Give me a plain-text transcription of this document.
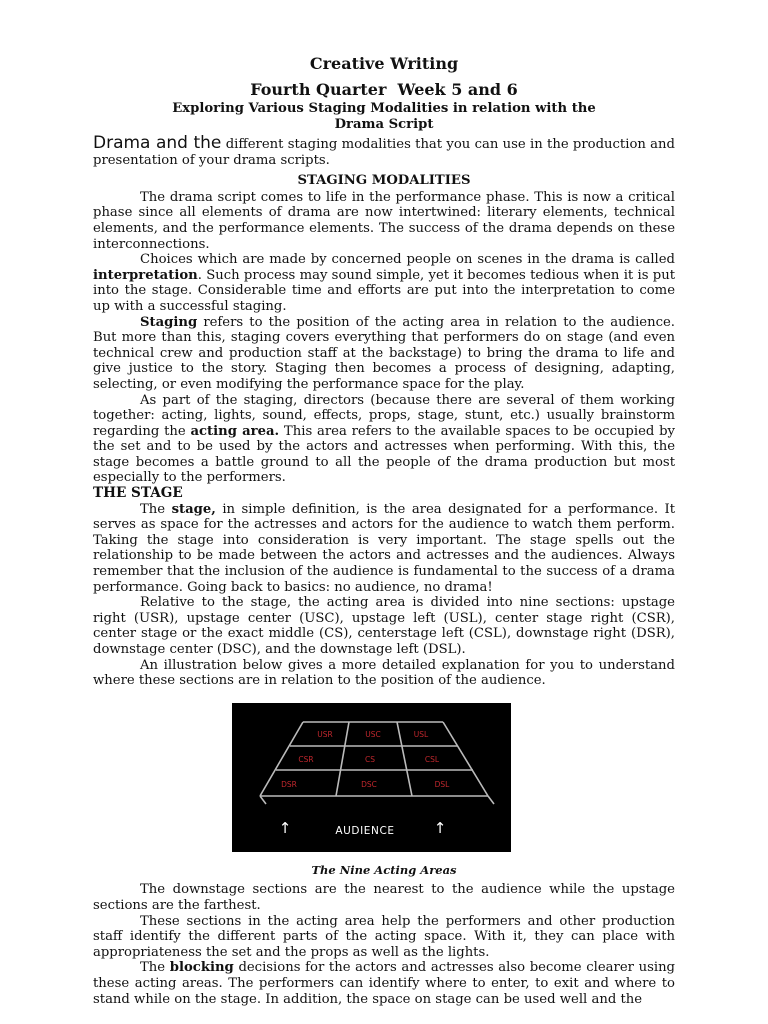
Creative Writing
Fourth Quarter  Week 5 and 6
Exploring Various Staging Modalities in relation with the
Drama Script

Drama and the different staging modalities that you can use in the production and presentation of your drama scripts.

STAGING MODALITIES

The drama script comes to life in the performance phase. This is now a critical phase since all elements of drama are now intertwined: literary elements, technical elements, and the performance elements. The success of the drama depends on these interconnections.

Choices which are made by concerned people on scenes in the drama is called interpretation. Such process may sound simple, yet it becomes tedious when it is put into the stage. Considerable time and efforts are put into the interpretation to come up with a successful staging.

Staging refers to the position of the acting area in relation to the audience. But more than this, staging covers everything that performers do on stage (and even technical crew and production staff at the backstage) to bring the drama to life and give justice to the story. Staging then becomes a process of designing, adapting, selecting, or even modifying the performance space for the play.

As part of the staging, directors (because there are several of them working together: acting, lights, sound, effects, props, stage, stunt, etc.) usually brainstorm regarding the acting area. This area refers to the available spaces to be occupied by the set and to be used by the actors and actresses when performing. With this, the stage becomes a battle ground to all the people of the drama production but most especially to the performers.

THE STAGE

The stage, in simple definition, is the area designated for a performance. It serves as space for the actresses and actors for the audience to watch them perform. Taking the stage into consideration is very important. The stage spells out the relationship to be made between the actors and actresses and the audiences. Always remember that the inclusion of the audience is fundamental to the success of a drama performance. Going back to basics: no audience, no drama!

Relative to the stage, the acting area is divided into nine sections: upstage right (USR), upstage center (USC), upstage left (USL), center stage right (CSR), center stage or the exact middle (CS), centerstage left (CSL), downstage right (DSR), downstage center (DSC), and the downstage left (DSL).

An illustration below gives a more detailed explanation for you to understand where these sections are in relation to the position of the audience.

USR	USC	USL
CSR	CS	CSL
DSR	DSC	DSL
↑	AUDIENCE	↑
The Nine Acting Areas

The downstage sections are the nearest to the audience while the upstage sections are the farthest.

These sections in the acting area help the performers and other production staff identify the different parts of the acting space. With it, they can place with appropriateness the set and the props as well as the lights.

The blocking decisions for the actors and actresses also become clearer using these acting areas. The performers can identify where to enter, to exit and where to stand while on the stage. In addition, the space on stage can be used well and the
